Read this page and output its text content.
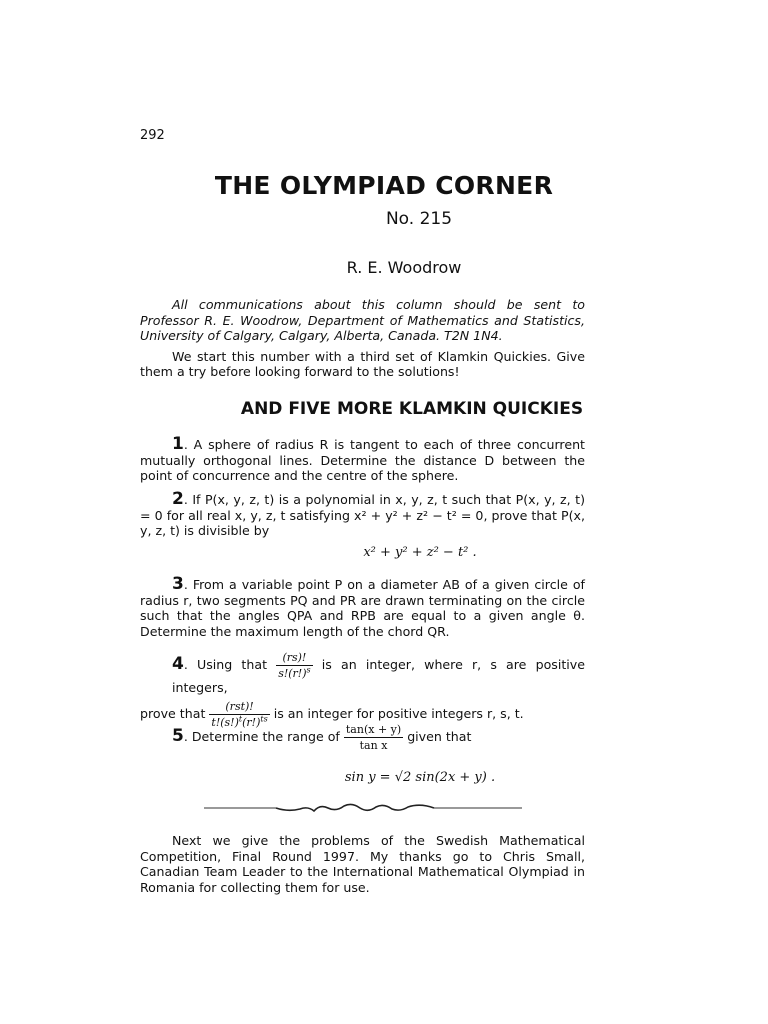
292
THE OLYMPIAD CORNER
No. 215
R. E. Woodrow

All communications about this column should be sent to Professor R. E. Woodrow, Department of Mathematics and Statistics, University of Calgary, Calgary, Alberta, Canada. T2N 1N4.

We start this number with a third set of Klamkin Quickies. Give them a try before looking forward to the solutions!

AND FIVE MORE KLAMKIN QUICKIES

1. A sphere of radius R is tangent to each of three concurrent mutually orthogonal lines. Determine the distance D between the point of concurrence and the centre of the sphere.

2. If P(x, y, z, t) is a polynomial in x, y, z, t such that P(x, y, z, t) = 0 for all real x, y, z, t satisfying x² + y² + z² − t² = 0, prove that P(x, y, z, t) is divisible by

x² + y² + z² − t² .

3. From a variable point P on a diameter AB of a given circle of radius r, two segments PQ and PR are drawn terminating on the circle such that the angles QPA and RPB are equal to a given angle θ. Determine the maximum length of the chord QR.

4. Using that $\frac{(rs)!}{s!(r!)^s}$ is an integer, where r, s are positive integers,
prove that $\frac{\text{(rst)!}}{t!(s!)^t(r!)^{ts}}$ is an integer for positive integers r, s, t.
5. Determine the range of $\frac{\tan(x + y)}{\text{tan x}}$ given that
sin y = √2 sin(2x + y) .

Next we give the problems of the Swedish Mathematical Competition, Final Round 1997. My thanks go to Chris Small, Canadian Team Leader to the International Mathematical Olympiad in Romania for collecting them for use.
